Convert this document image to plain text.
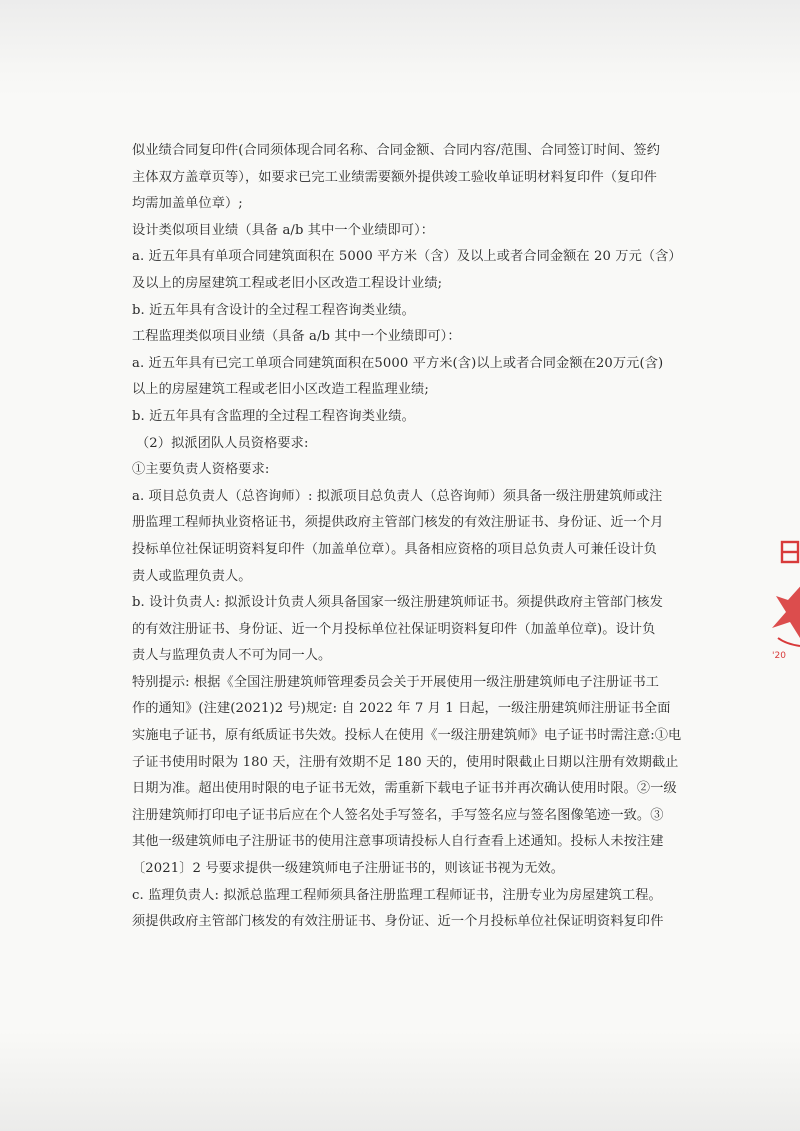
似业绩合同复印件(合同须体现合同名称、合同金额、合同内容/范围、合同签订时间、签约
主体双方盖章页等），如要求已完工业绩需要额外提供竣工验收单证明材料复印件（复印件
均需加盖单位章）;
设计类似项目业绩（具备 a/b 其中一个业绩即可）：
a. 近五年具有单项合同建筑面积在 5000 平方米（含）及以上或者合同金额在 20 万元（含）
及以上的房屋建筑工程或老旧小区改造工程设计业绩;
b. 近五年具有含设计的全过程工程咨询类业绩。
工程监理类似项目业绩（具备 a/b 其中一个业绩即可）：
a. 近五年具有已完工单项合同建筑面积在5000 平方米(含)以上或者合同金额在20万元(含)
以上的房屋建筑工程或老旧小区改造工程监理业绩;
b. 近五年具有含监理的全过程工程咨询类业绩。
（2）拟派团队人员资格要求:
①主要负责人资格要求:
a. 项目总负责人（总咨询师）: 拟派项目总负责人（总咨询师）须具备一级注册建筑师或注
册监理工程师执业资格证书，须提供政府主管部门核发的有效注册证书、身份证、近一个月
投标单位社保证明资料复印件（加盖单位章）。具备相应资格的项目总负责人可兼任设计负
责人或监理负责人。
b. 设计负责人: 拟派设计负责人须具备国家一级注册建筑师证书。须提供政府主管部门核发
的有效注册证书、身份证、近一个月投标单位社保证明资料复印件（加盖单位章)。设计负
责人与监理负责人不可为同一人。
特别提示: 根据《全国注册建筑师管理委员会关于开展使用一级注册建筑师电子注册证书工
作的通知》(注建(2021)2 号)规定: 自 2022 年 7 月 1 日起，一级注册建筑师注册证书全面
实施电子证书，原有纸质证书失效。投标人在使用《一级注册建筑师》电子证书时需注意:①电
子证书使用时限为 180 天，注册有效期不足 180 天的，使用时限截止日期以注册有效期截止
日期为准。超出使用时限的电子证书无效，需重新下载电子证书并再次确认使用时限。②一级
注册建筑师打印电子证书后应在个人签名处手写签名，手写签名应与签名图像笔迹一致。③
其他一级建筑师电子注册证书的使用注意事项请投标人自行查看上述通知。投标人未按注建
〔2021〕2 号要求提供一级建筑师电子注册证书的，则该证书视为无效。
c. 监理负责人: 拟派总监理工程师须具备注册监理工程师证书，注册专业为房屋建筑工程。
须提供政府主管部门核发的有效注册证书、身份证、近一个月投标单位社保证明资料复印件
'20
